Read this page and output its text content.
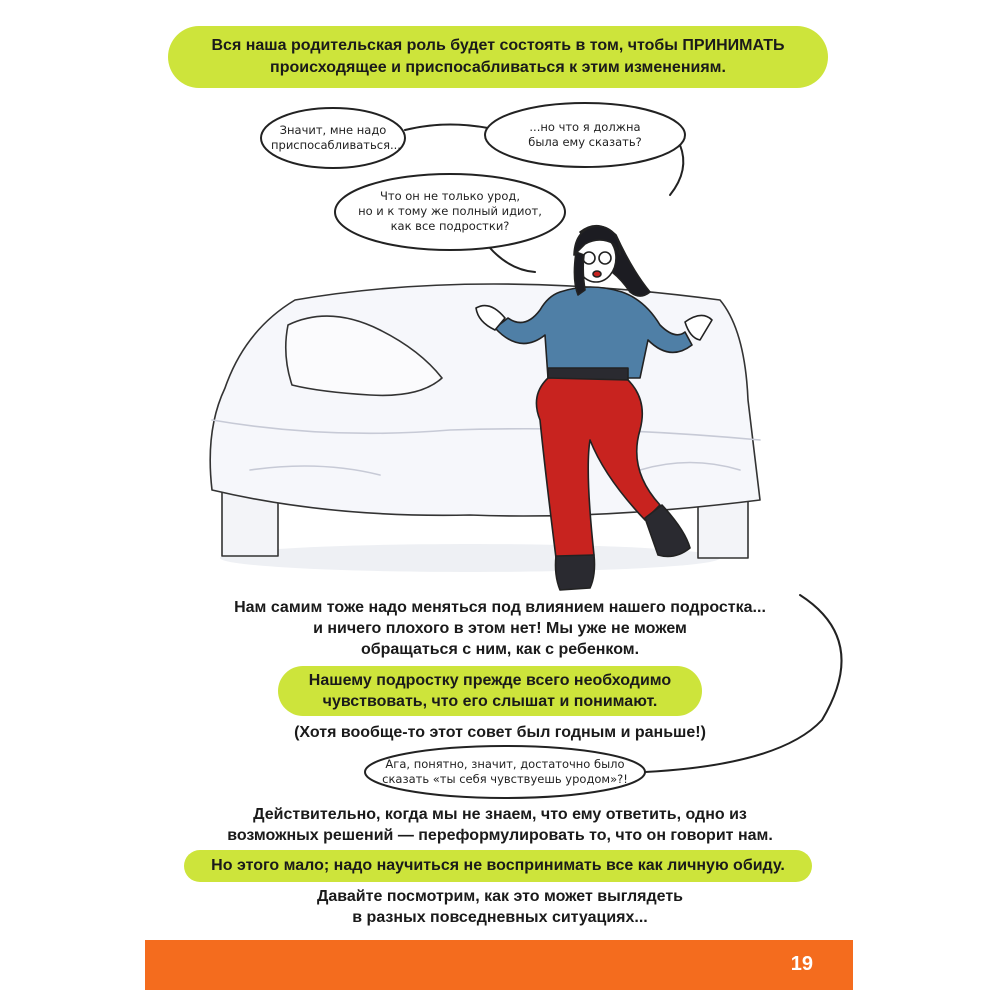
Вся наша родительская роль будет состоять в том, чтобы ПРИНИМАТЬ
происходящее и приспосабливаться к этим изменениям.
Значит, мне надо
приспосабливаться...
...но что я должна
была ему сказать?
Что он не только урод,
но и к тому же полный идиот,
как все подростки?
Нам самим тоже надо меняться под влиянием нашего подростка...
и ничего плохого в этом нет! Мы уже не можем
обращаться с ним, как с ребенком.
Нашему подростку прежде всего необходимо
чувствовать, что его слышат и понимают.
(Хотя вообще-то этот совет был годным и раньше!)
Ага, понятно, значит, достаточно было
сказать «ты себя чувствуешь уродом»?!
Действительно, когда мы не знаем, что ему ответить, одно из
возможных решений — переформулировать то, что он говорит нам.
Но этого мало; надо научиться не воспринимать все как личную обиду.
Давайте посмотрим, как это может выглядеть
в разных повседневных ситуациях...
19
